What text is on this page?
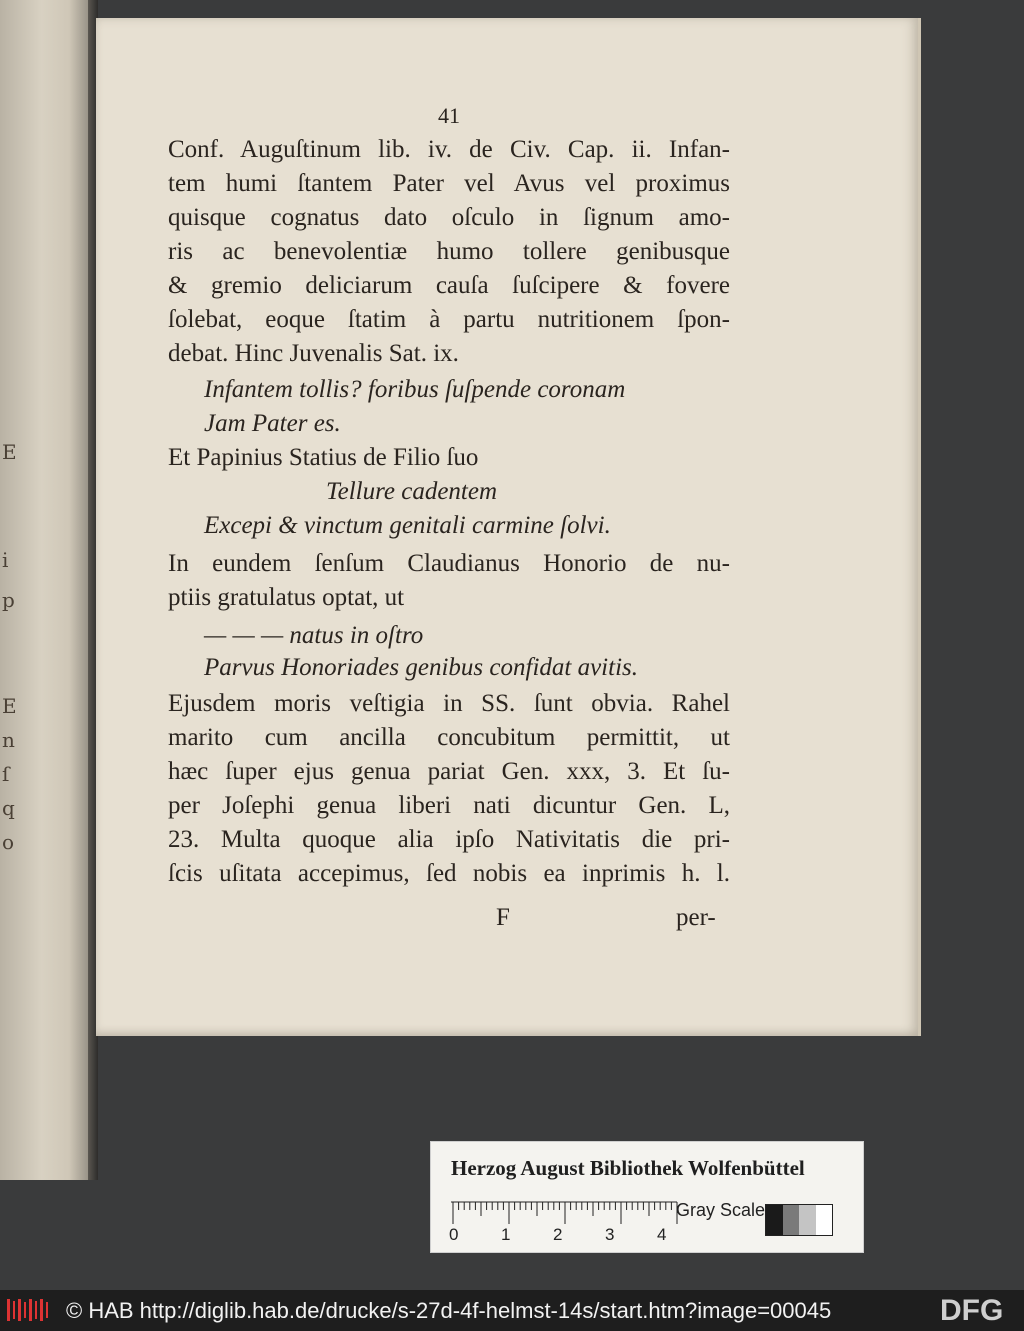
E
i
p
E
n
ſ
q
o
41
Conf. Auguſtinum lib. iv. de Civ. Cap. ii. Infan-
tem humi ſtantem Pater vel Avus vel proximus
quisque cognatus dato oſculo in ſignum amo-
ris ac benevolentiæ humo tollere genibusque
& gremio deliciarum cauſa ſuſcipere & fovere
ſolebat, eoque ſtatim à partu nutritionem ſpon-
debat. Hinc Juvenalis Sat. ix.
Infantem tollis? foribus ſuſpende coronam
Jam Pater es.
Et Papinius Statius de Filio ſuo
Tellure cadentem
Excepi & vinctum genitali carmine ſolvi.
In eundem ſenſum Claudianus Honorio de nu-
ptiis gratulatus optat, ut
— — — natus in oſtro
Parvus Honoriades genibus confidat avitis.
Ejusdem moris veſtigia in SS. ſunt obvia. Rahel
marito cum ancilla concubitum permittit, ut
hæc ſuper ejus genua pariat Gen. xxx, 3. Et ſu-
per Joſephi genua liberi nati dicuntur Gen. L,
23. Multa quoque alia ipſo Nativitatis die pri-
ſcis uſitata accepimus, ſed nobis ea inprimis h. l.
F	per-
Herzog August Bibliothek Wolfenbüttel
0	1	2	3	4
Gray Scale
© HAB http://diglib.hab.de/drucke/s-27d-4f-helmst-14s/start.htm?image=00045	DFG
